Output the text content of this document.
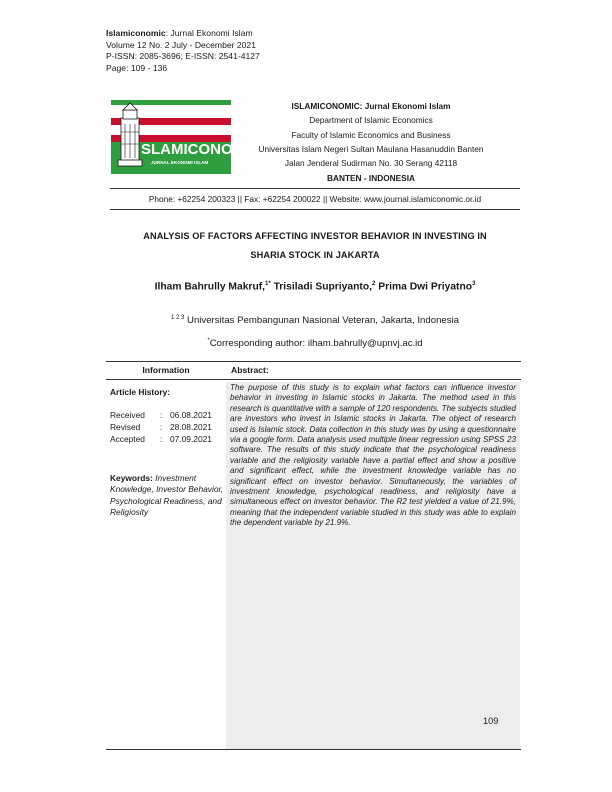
Islamiconomic: Jurnal Ekonomi Islam
Volume 12 No. 2 July - December 2021
P-ISSN: 2085-3696; E-ISSN: 2541-4127
Page: 109 - 136
SLAMICONOMIC
JURNAL EKONOMI ISLAM
ISLAMICONOMIC: Jurnal Ekonomi Islam
Department of Islamic Economics
Faculty of Islamic Economics and Business
Universitas Islam Negeri Sultan Maulana Hasanuddin Banten
Jalan Jenderal Sudirman No. 30 Serang 42118
BANTEN - INDONESIA
Phone: +62254 200323 || Fax: +62254 200022 || Website: www.journal.islamiconomic.or.id
ANALYSIS OF FACTORS AFFECTING INVESTOR BEHAVIOR IN INVESTING IN
SHARIA STOCK IN JAKARTA
Ilham Bahrully Makruf,$^{1*}$ Trisiladi Supriyanto,$^2$ Prima Dwi Priyatno$^3$
$^{1 2 3}$ Universitas Pembangunan Nasional Veteran, Jakarta, Indonesia
*Corresponding author: ilham.bahrully@upnvj.ac.id
Information	Abstract:
Article History:
Received	: 06.08.2021
Revised	: 28.08.2021
Accepted	: 07.09.2021
Keywords: Investment Knowledge, Investor Behavior, Psychological Readiness, and Religiosity
The purpose of this study is to explain what factors can influence investor behavior in investing in Islamic stocks in Jakarta. The method used in this research is quantitative with a sample of 120 respondents. The subjects studied are investors who invest in Islamic stocks in Jakarta. The object of research used is Islamic stock. Data collection in this study was by using a questionnaire via a google form. Data analysis used multiple linear regression using SPSS 23 software. The results of this study indicate that the psychological readiness variable and the religiosity variable have a partial effect and show a positive and significant effect, while the investment knowledge variable has no significant effect on investor behavior. Simultaneously, the variables of investment knowledge, psychological readiness, and religiosity have a simultaneous effect on investor behavior. The R2 test yielded a value of 21.9%, meaning that the independent variable studied in this study was able to explain the dependent variable by 21.9%.
109
